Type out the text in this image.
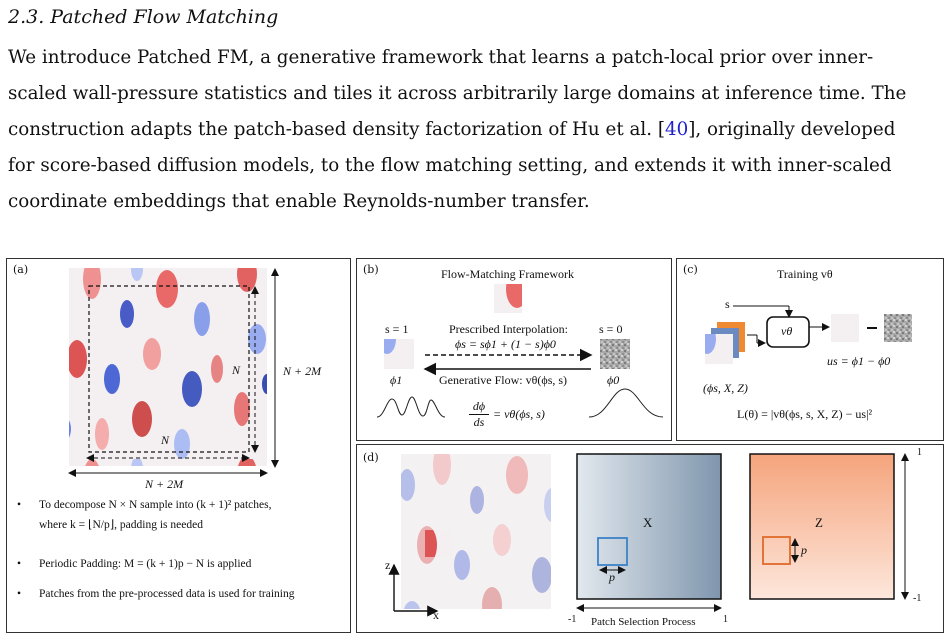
2.3. Patched Flow Matching
We introduce Patched FM, a generative framework that learns a patch-local prior over inner-
scaled wall-pressure statistics and tiles it across arbitrarily large domains at inference time. The
construction adapts the patch-based density factorization of Hu et al. [40], originally developed
for score-based diffusion models, to the flow matching setting, and extends it with inner-scaled
coordinate embeddings that enable Reynolds-number transfer.
(a)
N + 2M
N + 2M
N
N
• To decompose N × N sample into (k + 1)² patches,
where k = ⌊N/p⌋, padding is needed
• Periodic Padding: M = (k + 1)p − N is applied
• Patches from the pre-processed data is used for training
(b)	Flow-Matching Framework
s = 1	s = 0
Prescribed Interpolation:
ϕs = sϕ1 + (1 − s)ϕ0
Generative Flow: vθ(ϕs, s)
ϕ1	ϕ0
$\frac{d\phi}{ds} = v\theta(\phi s$, s)
(c)	Training vθ
s
vθ
(ϕs, X, Z)
us = ϕ1 − ϕ0
L(θ) = |vθ(ϕs, s, X, Z) − us|²
(d)
z
x
X	Z
p
p
-1	1
Patch Selection Process
1
-1
